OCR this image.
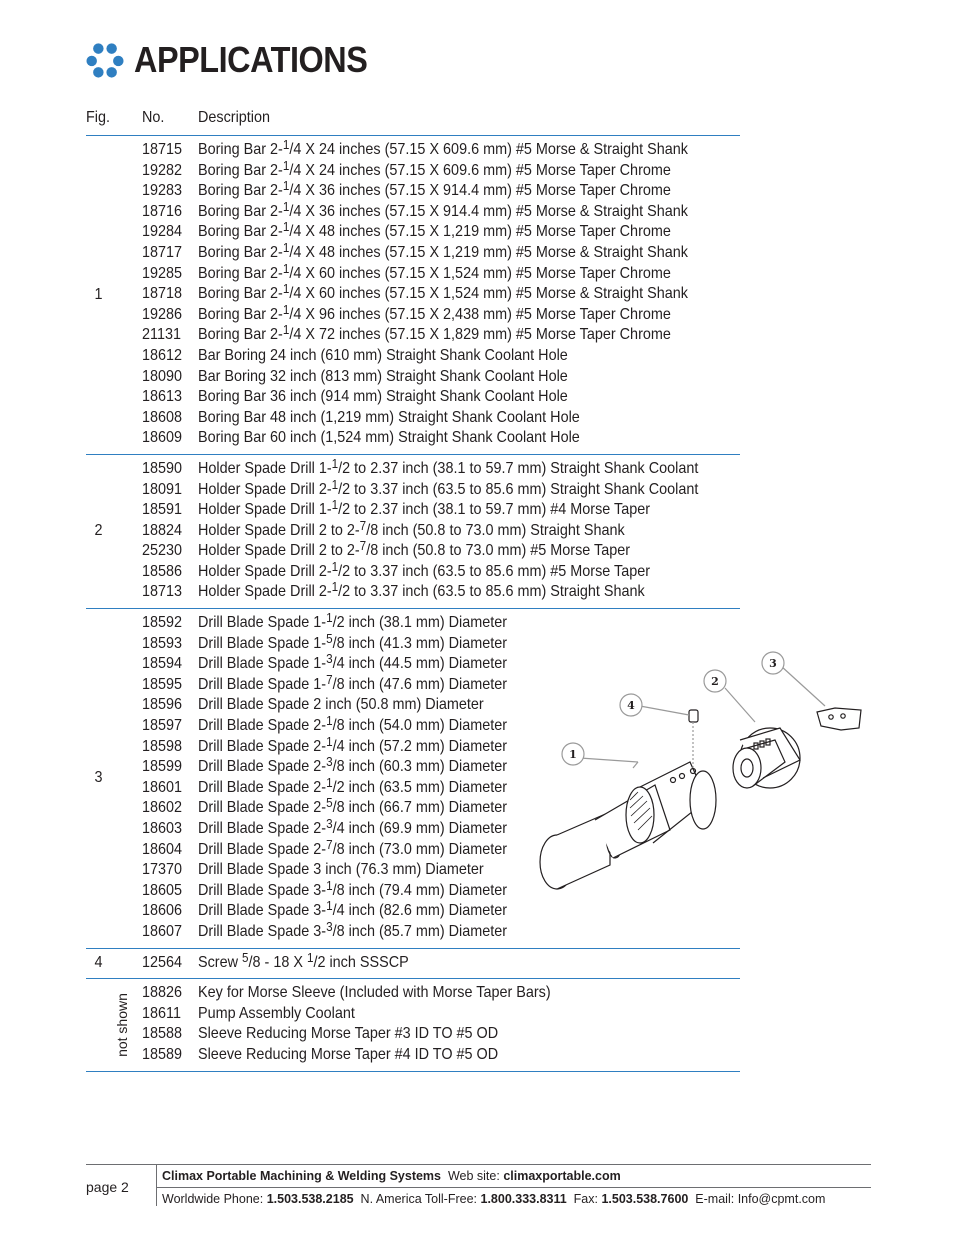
APPLICATIONS
Fig. No. Description
1
18715 Boring Bar 2-$^1$/4 X 24 inches (57.15 X 609.6 mm) #5 Morse & Straight Shank
19282 Boring Bar 2-$^1$/4 X 24 inches (57.15 X 609.6 mm) #5 Morse Taper Chrome
19283 Boring Bar 2-$^1$/4 X 36 inches (57.15 X 914.4 mm) #5 Morse Taper Chrome
18716 Boring Bar 2-$^1$/4 X 36 inches (57.15 X 914.4 mm) #5 Morse & Straight Shank
19284 Boring Bar 2-$^1$/4 X 48 inches (57.15 X 1,219 mm) #5 Morse Taper Chrome
18717 Boring Bar 2-$^1$/4 X 48 inches (57.15 X 1,219 mm) #5 Morse & Straight Shank
19285 Boring Bar 2-$^1$/4 X 60 inches (57.15 X 1,524 mm) #5 Morse Taper Chrome
18718 Boring Bar 2-$^1$/4 X 60 inches (57.15 X 1,524 mm) #5 Morse & Straight Shank
19286 Boring Bar 2-$^1$/4 X 96 inches (57.15 X 2,438 mm) #5 Morse Taper Chrome
21131 Boring Bar 2-$^1$/4 X 72 inches (57.15 X 1,829 mm) #5 Morse Taper Chrome
18612 Bar Boring 24 inch (610 mm) Straight Shank Coolant Hole
18090 Bar Boring 32 inch (813 mm) Straight Shank Coolant Hole
18613 Boring Bar 36 inch (914 mm) Straight Shank Coolant Hole
18608 Boring Bar 48 inch (1,219 mm) Straight Shank Coolant Hole
18609 Boring Bar 60 inch (1,524 mm) Straight Shank Coolant Hole
2
18590 Holder Spade Drill 1-$^1$/2 to 2.37 inch (38.1 to 59.7 mm) Straight Shank Coolant
18091 Holder Spade Drill 2-$^1$/2 to 3.37 inch (63.5 to 85.6 mm) Straight Shank Coolant
18591 Holder Spade Drill 1-$^1$/2 to 2.37 inch (38.1 to 59.7 mm) #4 Morse Taper
18824 Holder Spade Drill 2 to 2-$^7$/8 inch (50.8 to 73.0 mm) Straight Shank
25230 Holder Spade Drill 2 to 2-$^7$/8 inch (50.8 to 73.0 mm) #5 Morse Taper
18586 Holder Spade Drill 2-$^1$/2 to 3.37 inch (63.5 to 85.6 mm) #5 Morse Taper
18713 Holder Spade Drill 2-$^1$/2 to 3.37 inch (63.5 to 85.6 mm) Straight Shank
3
18592 Drill Blade Spade 1-$^1$/2 inch (38.1 mm) Diameter
18593 Drill Blade Spade 1-$^5$/8 inch (41.3 mm) Diameter
18594 Drill Blade Spade 1-$^3$/4 inch (44.5 mm) Diameter
18595 Drill Blade Spade 1-$^7$/8 inch (47.6 mm) Diameter
18596 Drill Blade Spade 2 inch (50.8 mm) Diameter
18597 Drill Blade Spade 2-$^1$/8 inch (54.0 mm) Diameter
18598 Drill Blade Spade 2-$^1$/4 inch (57.2 mm) Diameter
18599 Drill Blade Spade 2-$^3$/8 inch (60.3 mm) Diameter
18601 Drill Blade Spade 2-$^1$/2 inch (63.5 mm) Diameter
18602 Drill Blade Spade 2-$^5$/8 inch (66.7 mm) Diameter
18603 Drill Blade Spade 2-$^3$/4 inch (69.9 mm) Diameter
18604 Drill Blade Spade 2-$^7$/8 inch (73.0 mm) Diameter
17370 Drill Blade Spade 3 inch (76.3 mm) Diameter
18605 Drill Blade Spade 3-$^1$/8 inch (79.4 mm) Diameter
18606 Drill Blade Spade 3-$^1$/4 inch (82.6 mm) Diameter
18607 Drill Blade Spade 3-$^3$/8 inch (85.7 mm) Diameter
4 12564 Screw $^5$/8 - 18 X $^1$/2 inch SSSCP
not shown
18826 Key for Morse Sleeve (Included with Morse Taper Bars)
18611 Pump Assembly Coolant
18588 Sleeve Reducing Morse Taper #3 ID TO #5 OD
18589 Sleeve Reducing Morse Taper #4 ID TO #5 OD
1
2
3
4
page 2
Climax Portable Machining & Welding Systems Web site: climaxportable.com
Worldwide Phone: 1.503.538.2185 N. America Toll-Free: 1.800.333.8311 Fax: 1.503.538.7600 E-mail: Info@cpmt.com
